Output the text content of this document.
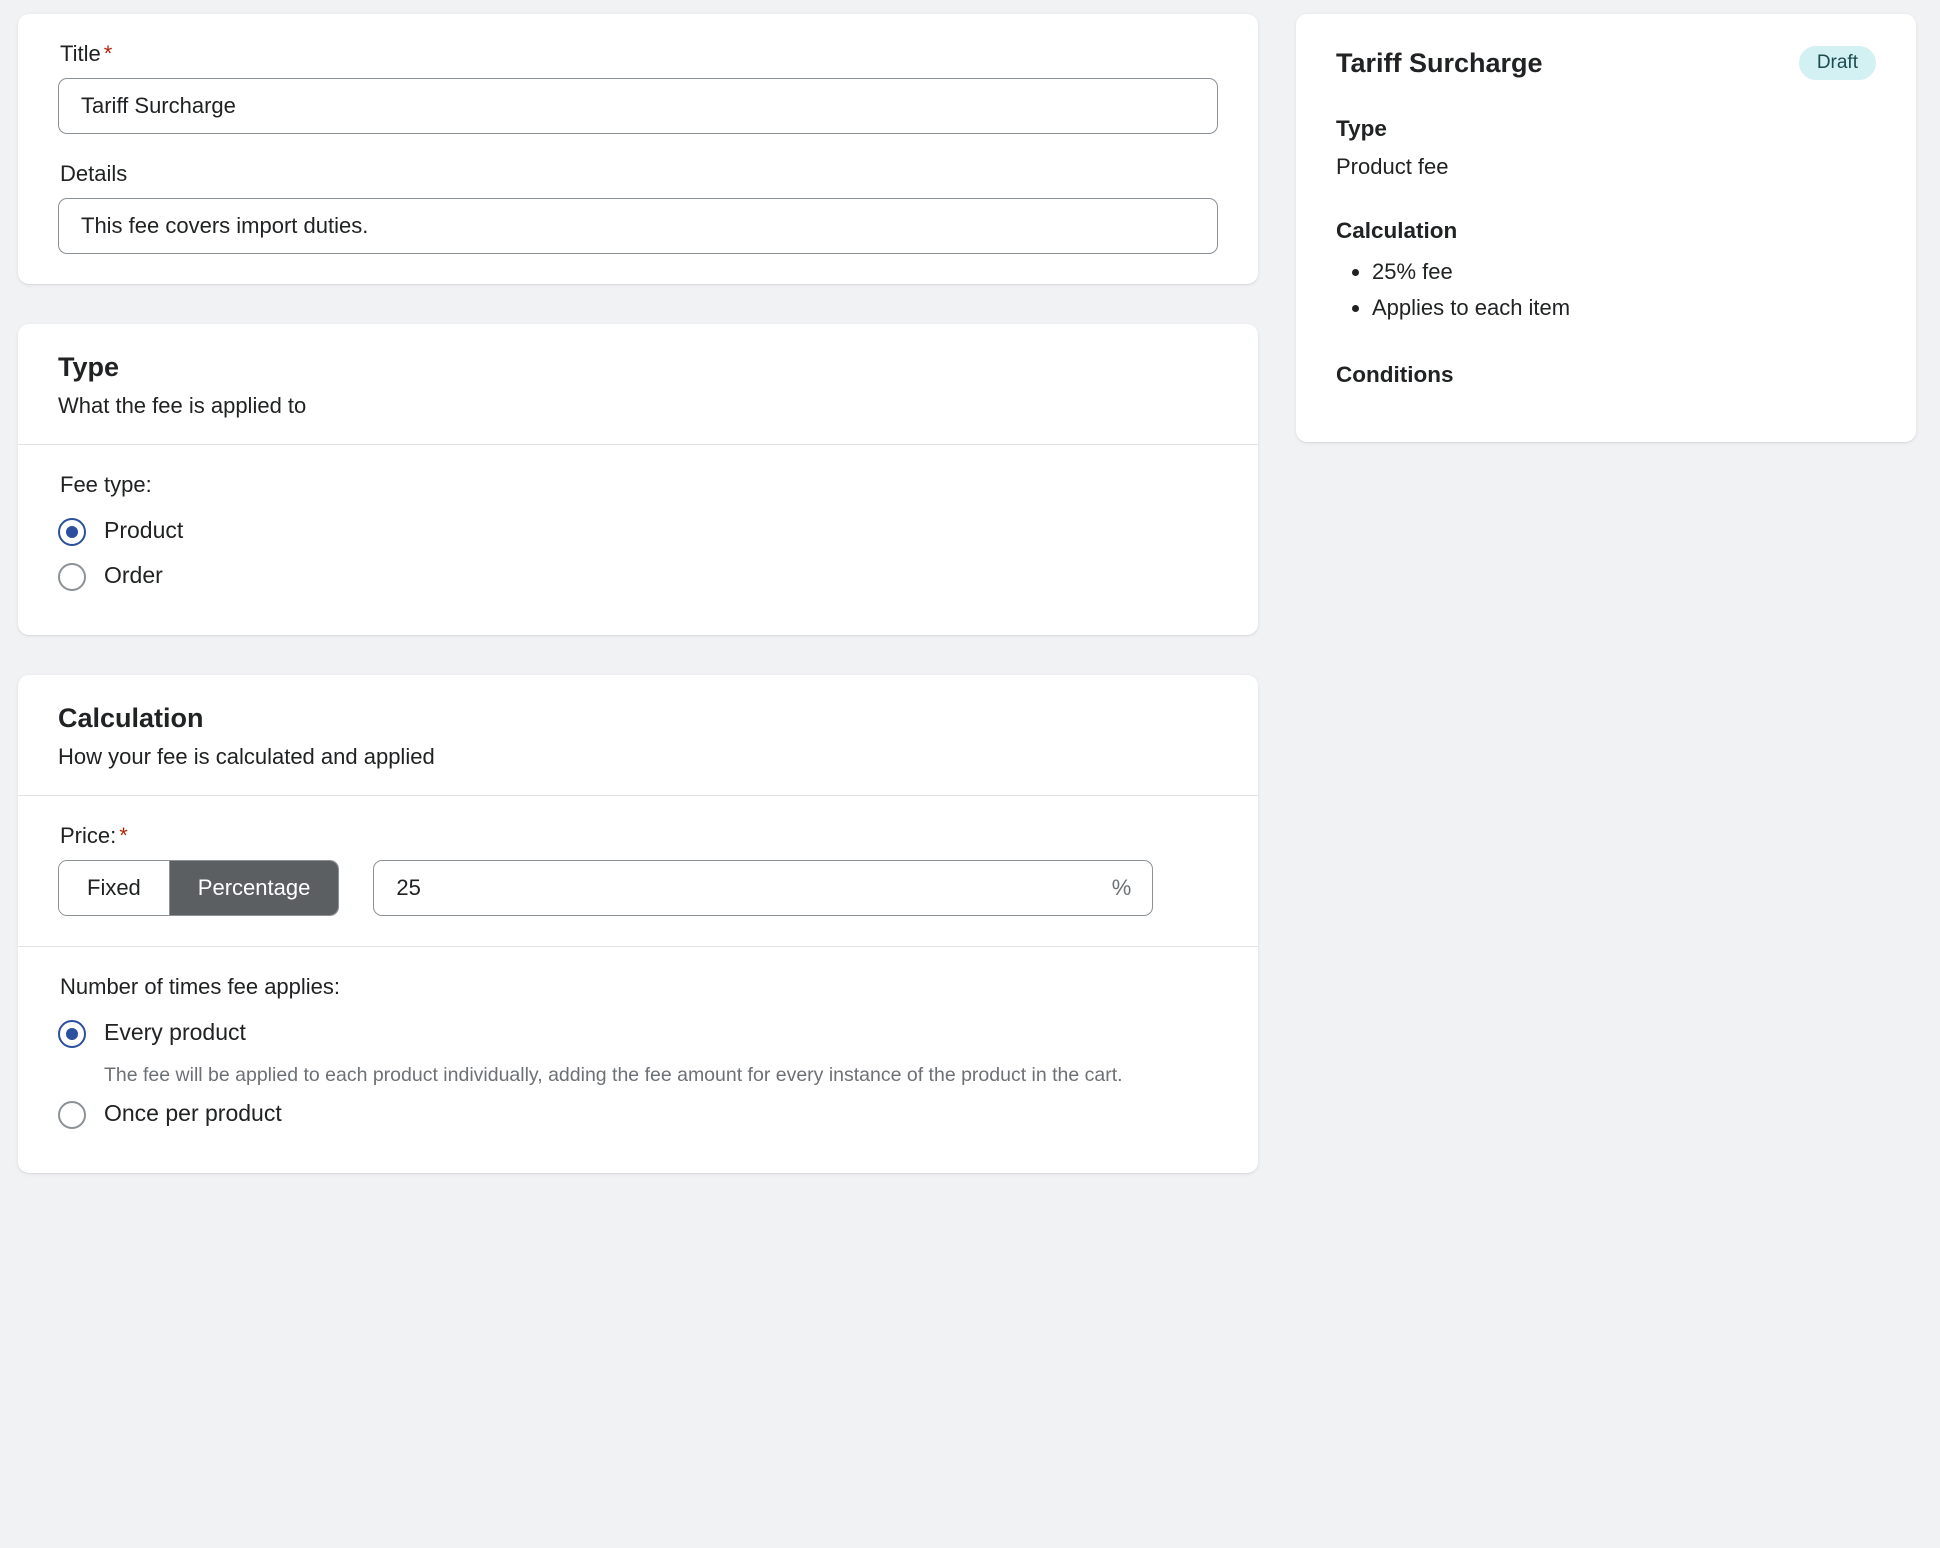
Title *
Tariff Surcharge
Details
This fee covers import duties.
Type

What the fee is applied to

Fee type:
Product
Order
Calculation

How your fee is calculated and applied

Price: *
Fixed	Percentage
25	%
Number of times fee applies:
Every product
The fee will be applied to each product individually, adding the fee amount for every instance of the product in the cart.
Once per product
Tariff Surcharge	Draft
Type

Product fee

Calculation
• 25% fee
• Applies to each item
Conditions
